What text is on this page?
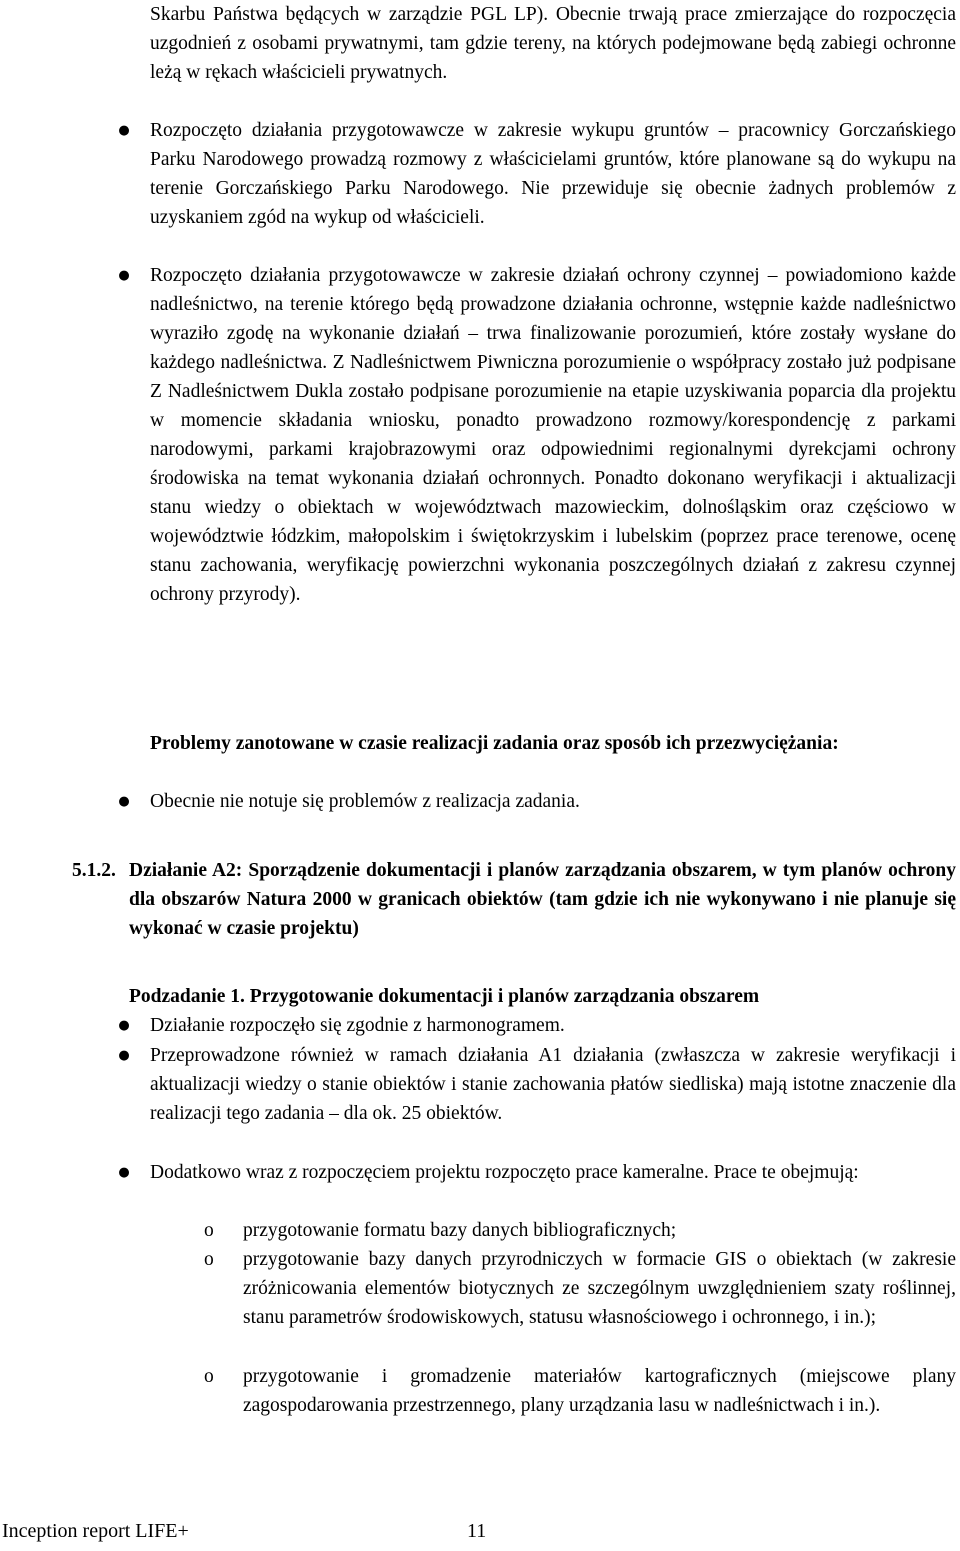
Skarbu Państwa będących w zarządzie PGL LP). Obecnie trwają prace zmierzające do rozpoczęcia uzgodnień z osobami prywatnymi, tam gdzie tereny, na których podejmowane będą zabiegi ochronne leżą w rękach właścicieli prywatnych.

● Rozpoczęto działania przygotowawcze w zakresie wykupu gruntów – pracownicy Gorczańskiego Parku Narodowego prowadzą rozmowy z właścicielami gruntów, które planowane są do wykupu na terenie Gorczańskiego Parku Narodowego. Nie przewiduje się obecnie żadnych problemów z uzyskaniem zgód na wykup od właścicieli.
● Rozpoczęto działania przygotowawcze w zakresie działań ochrony czynnej – powiadomiono każde nadleśnictwo, na terenie którego będą prowadzone działania ochronne, wstępnie każde nadleśnictwo wyraziło zgodę na wykonanie działań – trwa finalizowanie porozumień, które zostały wysłane do każdego nadleśnictwa. Z Nadleśnictwem Piwniczna porozumienie o współpracy zostało już podpisane Z Nadleśnictwem Dukla zostało podpisane porozumienie na etapie uzyskiwania poparcia dla projektu w momencie składania wniosku, ponadto prowadzono rozmowy/korespondencję z parkami narodowymi, parkami krajobrazowymi oraz odpowiednimi regionalnymi dyrekcjami ochrony środowiska na temat wykonania działań ochronnych. Ponadto dokonano weryfikacji i aktualizacji stanu wiedzy o obiektach w województwach mazowieckim, dolnośląskim oraz częściowo w województwie łódzkim, małopolskim i świętokrzyskim i lubelskim (poprzez prace terenowe, ocenę stanu zachowania, weryfikację powierzchni wykonania poszczególnych działań z zakresu czynnej ochrony przyrody).

Problemy zanotowane w czasie realizacji zadania oraz sposób ich przezwyciężania:

● Obecnie nie notuje się problemów z realizacja zadania.
5.1.2. Działanie A2: Sporządzenie dokumentacji i planów zarządzania obszarem, w tym planów ochrony dla obszarów Natura 2000 w granicach obiektów (tam gdzie ich nie wykonywano i nie planuje się wykonać w czasie projektu)

Podzadanie 1. Przygotowanie dokumentacji i planów zarządzania obszarem

● Działanie rozpoczęło się zgodnie z harmonogramem.
● Przeprowadzone również w ramach działania A1 działania (zwłaszcza w zakresie weryfikacji i aktualizacji wiedzy o stanie obiektów i stanie zachowania płatów siedliska) mają istotne znaczenie dla realizacji tego zadania – dla ok. 25 obiektów.
● Dodatkowo wraz z rozpoczęciem projektu rozpoczęto prace kameralne. Prace te obejmują:
o przygotowanie formatu bazy danych bibliograficznych;
o przygotowanie bazy danych przyrodniczych w formacie GIS o obiektach (w zakresie zróżnicowania elementów biotycznych ze szczególnym uwzględnieniem szaty roślinnej, stanu parametrów środowiskowych, statusu własnościowego i ochronnego, i in.);
o przygotowanie i gromadzenie materiałów kartograficznych (miejscowe plany zagospodarowania przestrzennego, plany urządzania lasu w nadleśnictwach i in.).
Inception report LIFE+	11
